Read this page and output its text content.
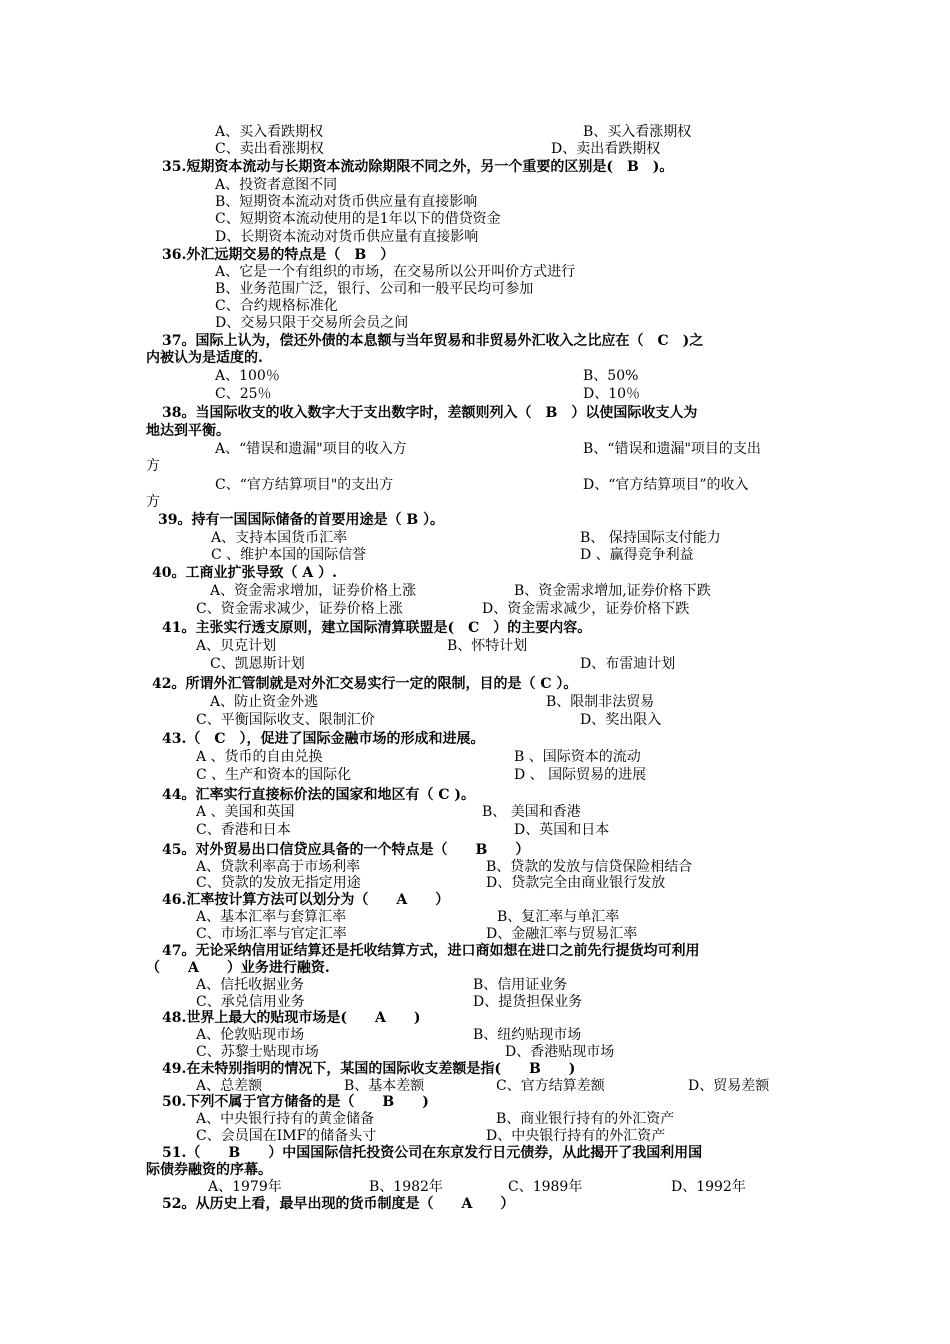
A、买入看跌期权	B、买入看涨期权
C、卖出看涨期权	D、卖出看跌期权
35.短期资本流动与长期资本流动除期限不同之外，另一个重要的区别是(　B　)。
A、投资者意图不同
B、短期资本流动对货币供应量有直接影响
C、短期资本流动使用的是1年以下的借贷资金
D、长期资本流动对货币供应量有直接影响
36.外汇远期交易的特点是（　B　）
A、它是一个有组织的市场，在交易所以公开叫价方式进行
B、业务范围广泛，银行、公司和一般平民均可参加
C、合约规格标准化
D、交易只限于交易所会员之间
37。国际上认为，偿还外债的本息额与当年贸易和非贸易外汇收入之比应在（　C　)之
内被认为是适度的.
A、100％	B、50%
C、25％	D、10％
38。当国际收支的收入数字大于支出数字时，差额则列入（　B　）以使国际收支人为
地达到平衡。
A、“错误和遗漏"项目的收入方	B、“错误和遗漏"项目的支出
方
C、“官方结算项目"的支出方	D、“官方结算项目”的收入
方
39。持有一国国际储备的首要用途是（ B ）。
A、支持本国货币汇率	B、 保持国际支付能力
C 、维护本国的国际信誉	D 、赢得竞争利益
40。工商业扩张导致（ A ）.
A、资金需求增加，证券价格上涨	B、资金需求增加,证券价格下跌
C、资金需求减少，证券价格上涨	D、资金需求减少，证券价格下跌
41。主张实行透支原则，建立国际清算联盟是(　C　）的主要内容。
A、贝克计划	B、怀特计划
C、凯恩斯计划	D、布雷迪计划
42。所谓外汇管制就是对外汇交易实行一定的限制，目的是（ C ）。
A、防止资金外逃	B、限制非法贸易
C、平衡国际收支、限制汇价	D、奖出限入
43.（　C　），促进了国际金融市场的形成和进展。
A 、货币的自由兑换	B 、国际资本的流动
C 、生产和资本的国际化	D 、 国际贸易的进展
44。汇率实行直接标价法的国家和地区有（ C )。
A 、美国和英国	B、 美国和香港
C、香港和日本	D、英国和日本
45。对外贸易出口信贷应具备的一个特点是（　　B　　）
A、贷款利率高于市场利率	B、贷款的发放与信贷保险相结合
C、贷款的发放无指定用途	D、贷款完全由商业银行发放
46.汇率按计算方法可以划分为（　　A　　）
A、基本汇率与套算汇率	B、复汇率与单汇率
C、市场汇率与官定汇率	D、金融汇率与贸易汇率
47。无论采纳信用证结算还是托收结算方式，进口商如想在进口之前先行提货均可利用
（　　A　　）业务进行融资.
A、信托收据业务	B、信用证业务
C、承兑信用业务	D、提货担保业务
48.世界上最大的贴现市场是(　　A　　)
A、伦敦贴现市场	B、纽约贴现市场
C、苏黎士贴现市场	D、香港贴现市场
49.在未特别指明的情况下，某国的国际收支差额是指(　　B　　)
A、总差额	B、基本差额	C、官方结算差额	D、贸易差额
50.下列不属于官方储备的是（　　B　　)
A、中央银行持有的黄金储备	B、商业银行持有的外汇资产
C、会员国在IMF的储备头寸	D、中央银行持有的外汇资产
51.（　　B　　）中国国际信托投资公司在东京发行日元债券，从此揭开了我国利用国
际债券融资的序幕。
A、1979年	B、1982年	C、1989年	D、1992年
52。从历史上看，最早出现的货币制度是（　　A　　）
